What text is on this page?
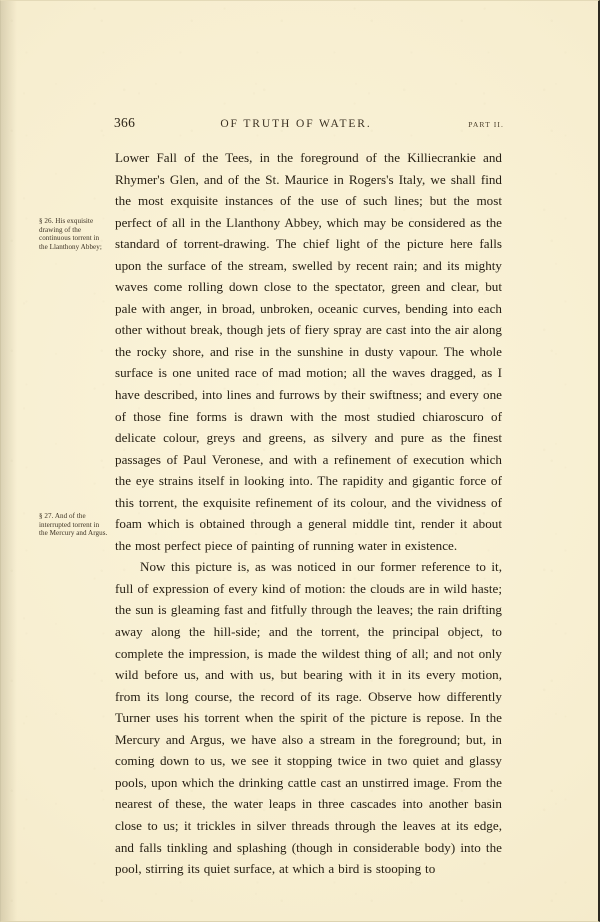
366	OF TRUTH OF WATER.	PART II.
§ 26. His exquisite drawing of the continuous torrent in the Llanthony Abbey;
§ 27. And of the interrupted torrent in the Mercury and Argus.

Lower Fall of the Tees, in the foreground of the Killiecrankie and Rhymer's Glen, and of the St. Maurice in Rogers's Italy, we shall find the most exquisite instances of the use of such lines; but the most perfect of all in the Llanthony Abbey, which may be considered as the standard of torrent-drawing. The chief light of the picture here falls upon the surface of the stream, swelled by recent rain; and its mighty waves come rolling down close to the spectator, green and clear, but pale with anger, in broad, unbroken, oceanic curves, bending into each other without break, though jets of fiery spray are cast into the air along the rocky shore, and rise in the sunshine in dusty vapour. The whole surface is one united race of mad motion; all the waves dragged, as I have described, into lines and furrows by their swiftness; and every one of those fine forms is drawn with the most studied chiaroscuro of delicate colour, greys and greens, as silvery and pure as the finest passages of Paul Veronese, and with a refinement of execution which the eye strains itself in looking into. The rapidity and gigantic force of this torrent, the exquisite refinement of its colour, and the vividness of foam which is obtained through a general middle tint, render it about the most perfect piece of painting of running water in existence.

Now this picture is, as was noticed in our former reference to it, full of expression of every kind of motion: the clouds are in wild haste; the sun is gleaming fast and fitfully through the leaves; the rain drifting away along the hill-side; and the torrent, the principal object, to complete the impression, is made the wildest thing of all; and not only wild before us, and with us, but bearing with it in its every motion, from its long course, the record of its rage. Observe how differently Turner uses his torrent when the spirit of the picture is repose. In the Mercury and Argus, we have also a stream in the foreground; but, in coming down to us, we see it stopping twice in two quiet and glassy pools, upon which the drinking cattle cast an unstirred image. From the nearest of these, the water leaps in three cascades into another basin close to us; it trickles in silver threads through the leaves at its edge, and falls tinkling and splashing (though in considerable body) into the pool, stirring its quiet surface, at which a bird is stooping to
